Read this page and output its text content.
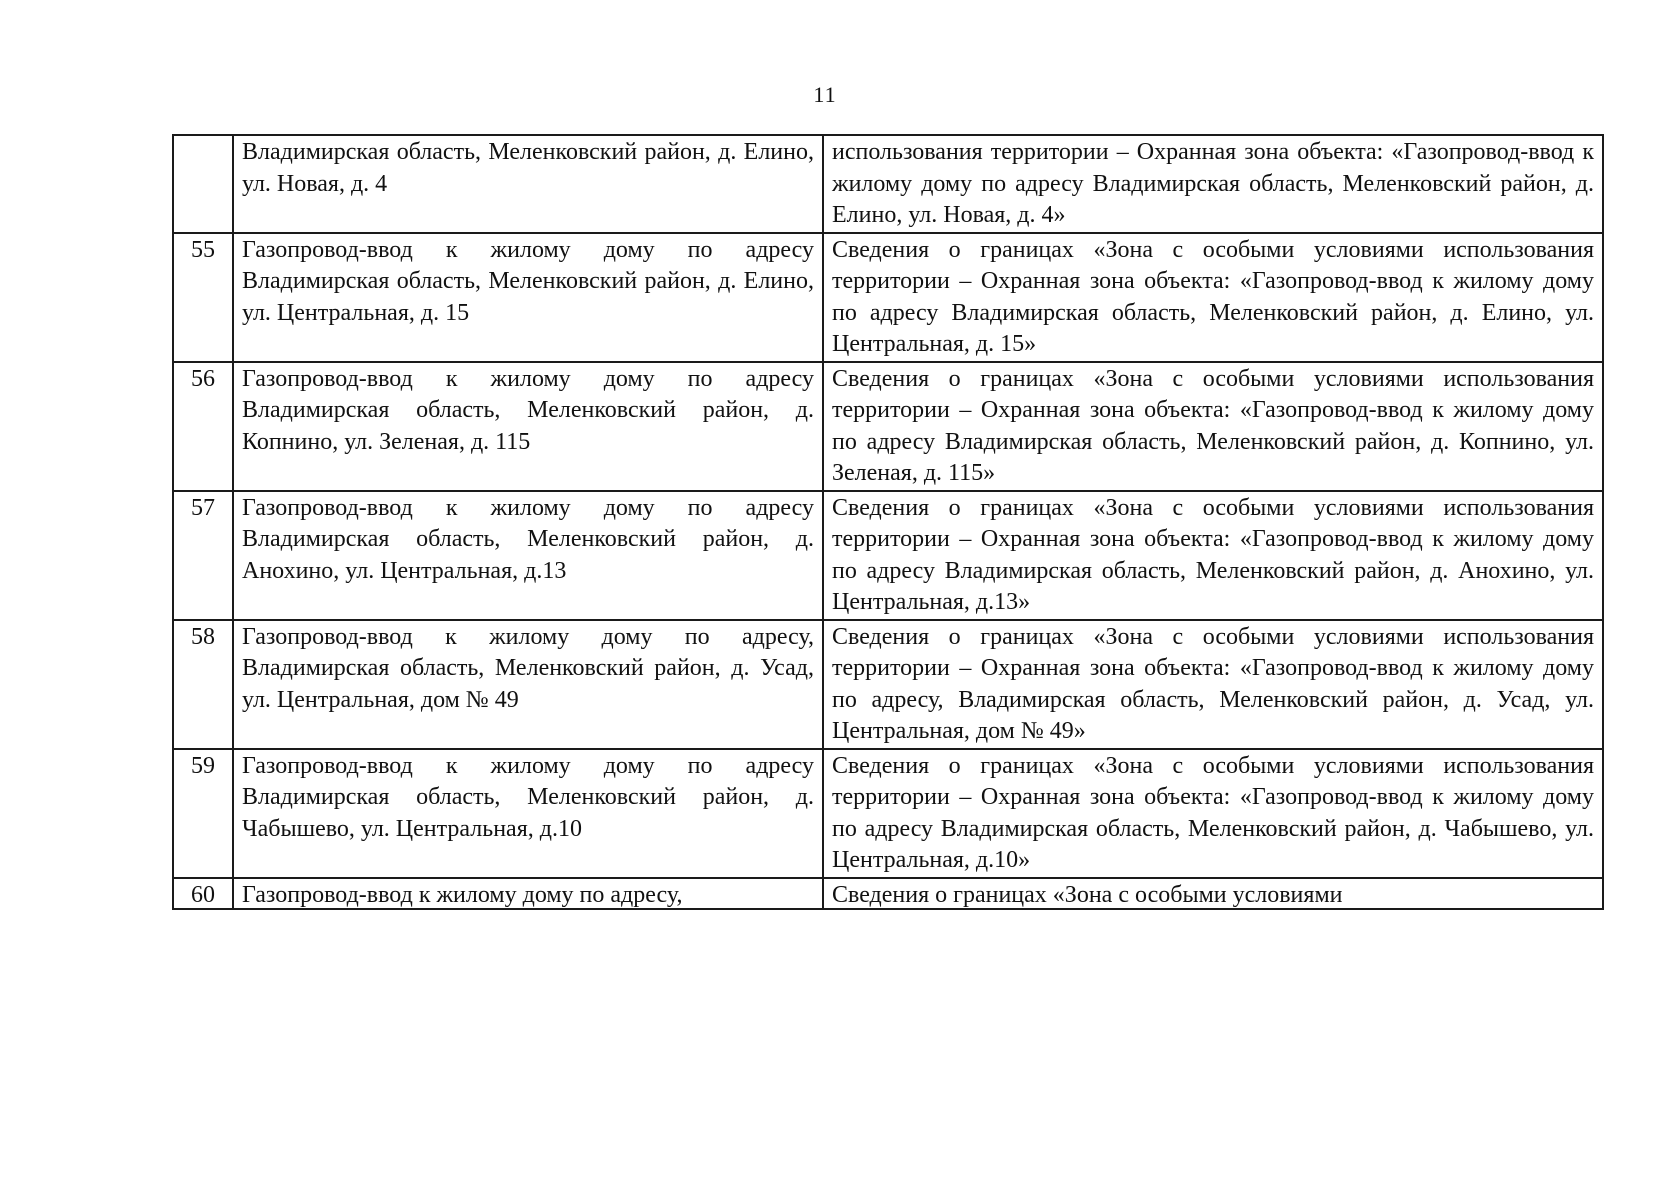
11
	Владимирская область, Меленковский район, д. Елино, ул. Новая, д. 4	использования территории – Охранная зона объекта: «Газопровод-ввод к жилому дому по адресу Владимирская область, Меленковский район, д. Елино, ул. Новая, д. 4»
55	Газопровод-ввод к жилому дому по адресу Владимирская область, Меленковский район, д. Елино, ул. Центральная, д. 15	Сведения о границах «Зона с особыми условиями использования территории – Охранная зона объекта: «Газопровод-ввод к жилому дому по адресу Владимирская область, Меленковский район, д. Елино, ул. Центральная, д. 15»
56	Газопровод-ввод к жилому дому по адресу Владимирская область, Меленковский район, д. Копнино, ул. Зеленая, д. 115	Сведения о границах «Зона с особыми условиями использования территории – Охранная зона объекта: «Газопровод-ввод к жилому дому по адресу Владимирская область, Меленковский район, д. Копнино, ул. Зеленая, д. 115»
57	Газопровод-ввод к жилому дому по адресу Владимирская область, Меленковский район, д. Анохино, ул. Центральная, д.13	Сведения о границах «Зона с особыми условиями использования территории – Охранная зона объекта: «Газопровод-ввод к жилому дому по адресу Владимирская область, Меленковский район, д. Анохино, ул. Центральная, д.13»
58	Газопровод-ввод к жилому дому по адресу, Владимирская область, Меленковский район, д. Усад, ул. Центральная, дом № 49	Сведения о границах «Зона с особыми условиями использования территории – Охранная зона объекта: «Газопровод-ввод к жилому дому по адресу, Владимирская область, Меленковский район, д. Усад, ул. Центральная, дом № 49»
59	Газопровод-ввод к жилому дому по адресу Владимирская область, Меленковский район, д. Чабышево, ул. Центральная, д.10	Сведения о границах «Зона с особыми условиями использования территории – Охранная зона объекта: «Газопровод-ввод к жилому дому по адресу Владимирская область, Меленковский район, д. Чабышево, ул. Центральная, д.10»

60	Газопровод-ввод к жилому дому по адресу,	Сведения о границах «Зона с особыми условиями
